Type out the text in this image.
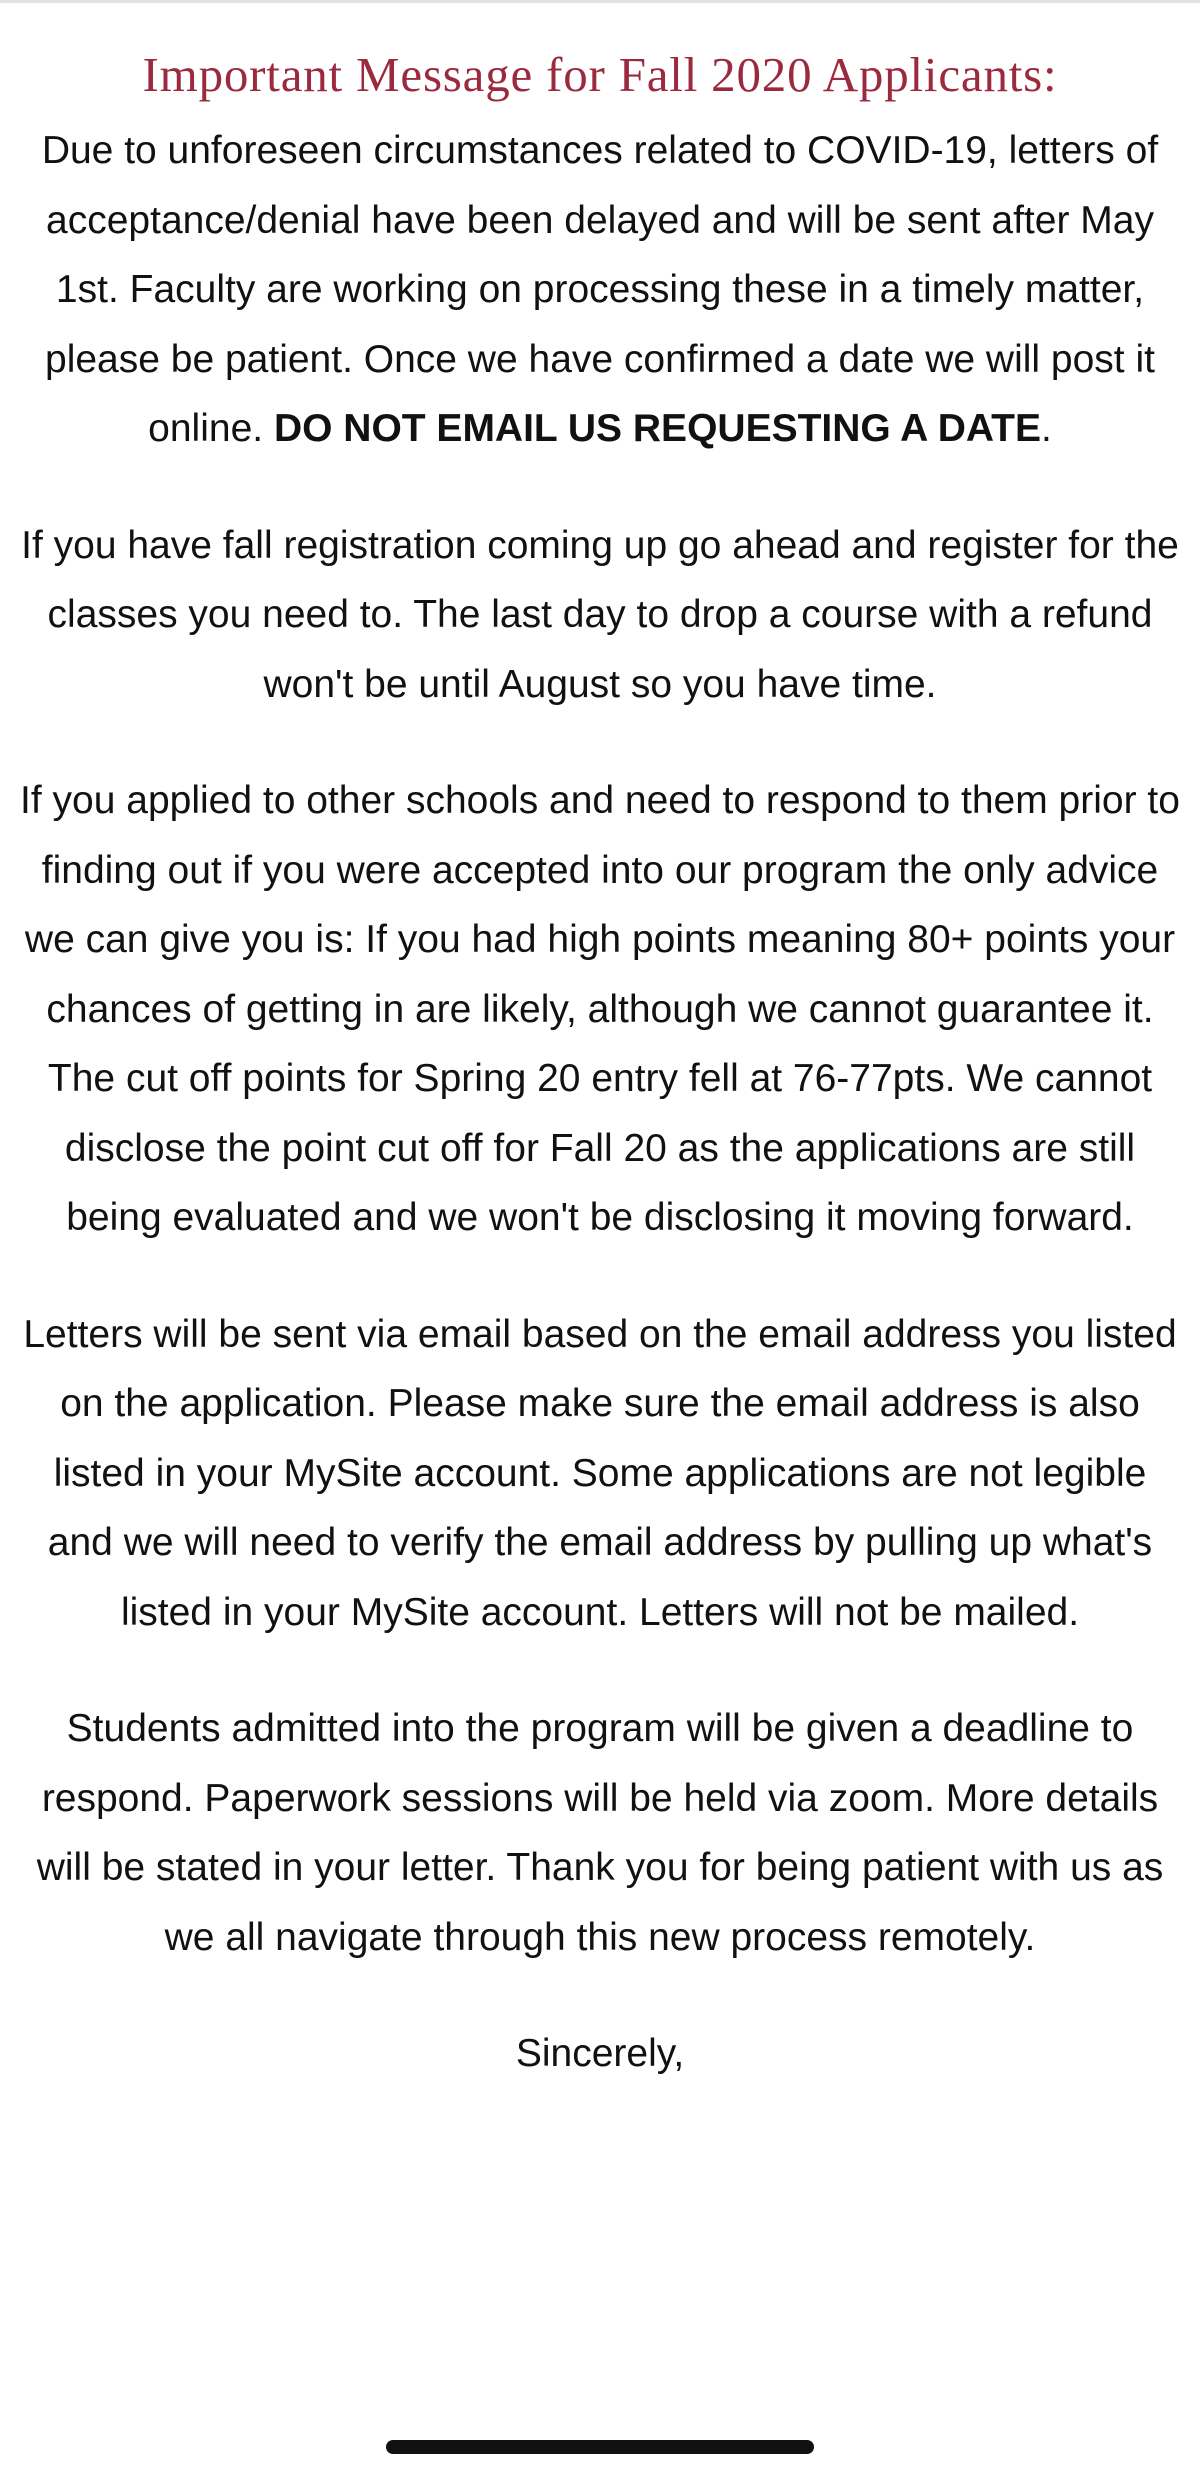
Important Message for Fall 2020 Applicants:

Due to unforeseen circumstances related to COVID-19, letters of acceptance/denial have been delayed and will be sent after May 1st. Faculty are working on processing these in a timely matter, please be patient. Once we have confirmed a date we will post it online. DO NOT EMAIL US REQUESTING A DATE.

If you have fall registration coming up go ahead and register for the classes you need to. The last day to drop a course with a refund won't be until August so you have time.

If you applied to other schools and need to respond to them prior to finding out if you were accepted into our program the only advice we can give you is: If you had high points meaning 80+ points your chances of getting in are likely, although we cannot guarantee it. The cut off points for Spring 20 entry fell at 76-77pts. We cannot disclose the point cut off for Fall 20 as the applications are still being evaluated and we won't be disclosing it moving forward.

Letters will be sent via email based on the email address you listed on the application. Please make sure the email address is also listed in your MySite account. Some applications are not legible and we will need to verify the email address by pulling up what's listed in your MySite account. Letters will not be mailed.

Students admitted into the program will be given a deadline to respond. Paperwork sessions will be held via zoom. More details will be stated in your letter. Thank you for being patient with us as we all navigate through this new process remotely.

Sincerely,
